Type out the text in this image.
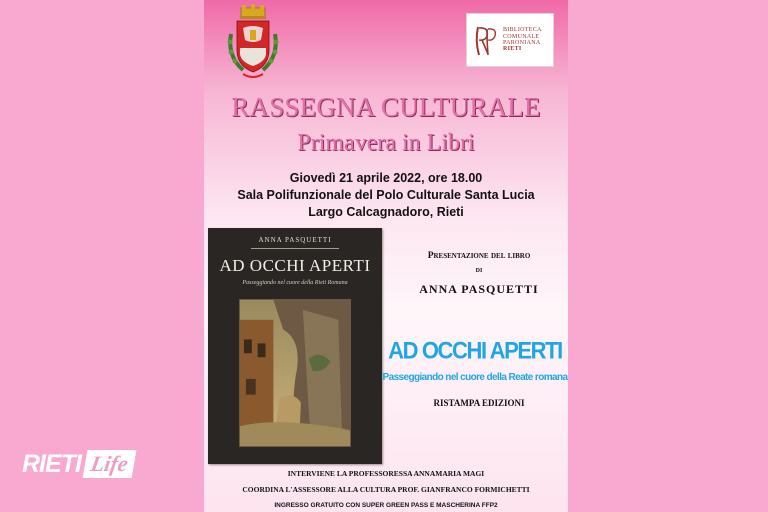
BIBLIOTECA
COMUNALE
PARONIANA
RIETI
RASSEGNA CULTURALE
Primavera in Libri
Giovedì 21 aprile 2022, ore 18.00
Sala Polifunzionale del Polo Culturale Santa Lucia
Largo Calcagnadoro, Rieti
ANNA PASQUETTI
AD OCCHI APERTI
Passeggiando nel cuore della Rieti Romana
Presentazione del libro
di
ANNA PASQUETTI
AD OCCHI APERTI
Passeggiando nel cuore della Reate romana
RISTAMPA EDIZIONI
INTERVIENE LA PROFESSORESSA ANNAMARIA MAGI
COORDINA L'ASSESSORE ALLA CULTURA PROF. GIANFRANCO FORMICHETTI
INGRESSO GRATUITO CON SUPER GREEN PASS E MASCHERINA FFP2
RIETI Life
